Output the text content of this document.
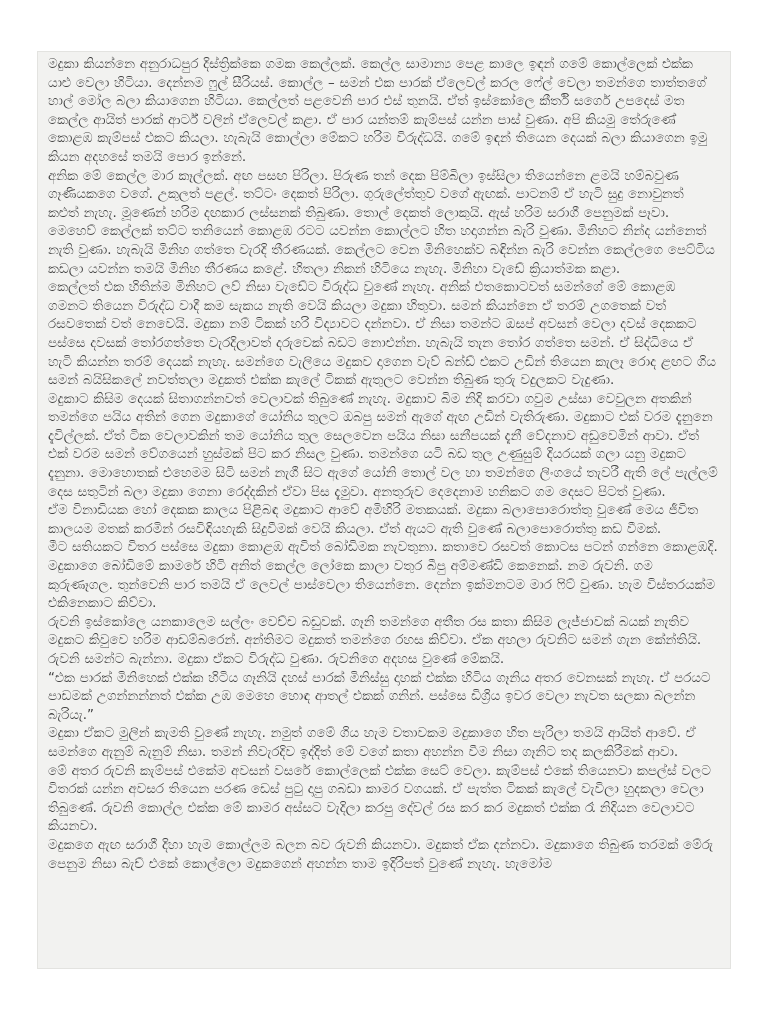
මදුකා කියන්නෙ අනුරාධපුර දිස්ත්‍රික්කෙ ගමක කෙල්ලක්. කෙල්ල සාමාන්‍ය පෙළ කාලෙ ඉඳන් ගමේ කොල්ලෙක් එක්ක යාළු වෙලා හිටියා. දෙන්නම ෆුල් සීරියස්. කොල්ල – සමන් එක පාරක් ඒලෙවල් කරල ෆේල් වෙලා තමන්ගෙ තාත්තගේ හාල් මෝල බලා කියාගෙන හිටියා. කෙල්ලත් පළවෙනි පාර එස් තුනයි. ඒත් ඉස්කෝලෙ කීර්ති සර්ගෙ උපදෙස් මත කෙල්ල ආයිත් පාරක් ආර්ට් වලින් ඒලෙවල් කළා. ඒ පාර යන්තම් කැම්පස් යන්න පාස් වුණා. අපි කියමු තේරුණේ කොළඹ කැම්පස් එකට කියලා. හැබැයි කොල්ලා මේකට හරිම විරුද්ධයි. ගමේ ඉඳන් තියෙන දෙයක් බලා කියාගෙන ඉමු කියන අදහසේ තමයි පොර ඉන්නේ.

අනික මේ කෙල්ල මාර කෑල්ලක්. අඟ පසඟ පිරිලා. පිරුණ තන් දෙක පිම්බිලා ඉස්සිලා තියෙන්නෙ ළමයි හම්බවුණ ගෑණියකගෙ වගේ. උකුලත් පළල්. තට්ටං දෙකත් පිරිලා. ගුරුලේත්තුව වගේ ඇඟක්. පාටනම් ඒ හැටි සුදු නොවුනත් කළුත් නැහැ. මූණෙන් හරිම දඟකාර ලස්සනක් තිබුණා. තොල් දෙකත් ලොකුයි. ඇස් හරිම සරාගී පෙනුමක් පෑවා. මෙහෙව් කෙල්ලක් තට්ට තනියෙන් කොළඹ රටට යවන්න කොල්ලට හිත හදාගන්න බැරි වුණා. මිනිහට නින්ද යන්නෙත් නැති වුණා. හැබැයි මිනිහ ගත්තෙ වැරදි තීරණයක්. කෙල්ලට වෙන මිනිහෙක්ව බඳින්න බැරි වෙන්න කෙල්ලගෙ පෙට්ටිය කඩලා යවන්න තමයි මිනිහ තීරණය කළේ. හිතලා නිකන් හිටියෙ නැහැ. මිනිහා වැඩේ ක්‍රියාත්මක කළා.

කෙල්ලත් එක හිතින්ම මිනිහට ලව් නිසා වැඩේට විරුද්ධ වුණේ නැහැ. අනික් එතකොටවත් සමන්ගේ මේ කොළඹ ගමනට තියෙන විරුද්ධ වාදී කම සැකය නැති වෙයි කියලා මදුකා හිතුවා. සමන් කියන්නෙ ඒ තරම් උගතෙක් වත් රසවතෙක් වත් නෙවෙයි. මදුකා නම් ටිකක් හරි විද්‍යාවට දන්නවා. ඒ නිසා තමන්ට ඔසප් අවසන් වෙලා දවස් දෙකකට පස්සෙ දවසක් තෝරගත්තෙ වැරදිලාවත් දරුවෙක් බඩට නොඑන්න. හැබැයි තැන තෝර ගත්තෙ සමන්. ඒ සිද්ධියෙ ඒ හැටි කියන්න තරම් දෙයක් නැහැ. සමන්ගෙ වැලියෙ මදුකව දාගෙන වැව් බන්ඩ් එකට උඩින් තියෙන කැලෑ රොද ළඟට ගිය සමන් බයිසිකලේ නවත්තලා මදුකත් එක්ක කැලේ ටිකක් ඇතුලට වෙන්න තිබුණ තුරු වදුලකට වැදුණා.

මදුකාට කිසිම දෙයක් සිතාගන්නවත් වෙලාවක් තිබුණේ නැහැ. මදුකාව බිම නිදි කරවා ගවුම උස්සා වෙවුලන අතකින් තමන්ගෙ පයිය අතින් ගෙන මදුකාගේ යෝනිය තුලට ඔබපු සමන් ඇගේ ඇඟ උඩින් වැතිරුණා. මදුකාට එක් වරම දැනුනෙ දැවිල්ලක්. ඒත් ටික වෙලාවකින් තම යෝනිය තුල සෙලවෙන පයිය නිසා සනීපයක් දැනී වේදනාව අඩුවෙමින් ආවා. ඒත් එක් වරම සමන් වේගයෙන් හුස්මක් පිට කර නිසල වුණා. තමන්ගෙ යටි බඩ තුල උණුසුම් දියරයක් ගලා යනු මදුකට දැනුනා. මොහොතක් එහෙමම සිටි සමන් නැගී සිට ඇගේ යෝනි තොල් වල හා තමන්ගෙ ලිංගයේ තැවරී ඇති ලේ පැල්ලම් දෙස සතුටින් බලා මදුකා ගෙනා රෙද්දකින් ඒවා පිස දැමුවා. අනතුරුව දෙදෙනාම හනිකට ගම දෙසට පිටත් වුණා.

ඒම විනාඩියක හෝ දෙකක කාලය පිළිබඳ මදුකාට ආවේ අමිහිරි මතකයක්. මදුකා බලාපොරොත්තු වුණේ මෙය ජීවිත කාලයම මතක් කරමින් රසවිඳියහැකි සිදුවීමක් වෙයි කියලා. ඒත් ඇයට ඇති වුණේ බලාපොරොත්තු කඩ වීමක්.

මීට සතියකට විතර පස්සෙ මදුකා කොළඹ ඇවිත් බෝඩිමක නැවතුනා. කතාවෙ රසවත් කොටස පටන් ගන්නෙ කොළඹදි. මදුකාගෙ බෝඩිමේ කාමරේ හිටි අනිත් කෙල්ල ලෝකෙ කාලා වතුර බීපු අම්මණ්ඩි කෙනෙක්. නම රුවනි. ගම කුරුණෑගල. තුන්වෙනි පාර තමයි ඒ ලෙවල් පාස්වෙලා තියෙන්නෙ. දෙන්න ඉක්මනටම මාර ෆිට් වුණා. හැම විස්තරයක්ම එකිනෙකාට කිව්වා.

රුවනි ඉස්කෝලෙ යනකාලෙම සල්ලං වෙච්ච බඩුවක්. ගෑනි තමන්ගෙ අතීත රස කතා කිසිම ලැජ්ජාවක් බයක් නැතිව මදුකට කිවුවෙ හරිම ආඩම්බරෙන්. අන්තිමට මදුකත් තමන්ගෙ රහස කිව්වා. ඒක අහලා රුවනිට සමන් ගැන කේන්තියි. රුවනි සමන්ට බැන්නා. මදුකා ඒකට විරුද්ධ වුණා. රුවනිගෙ අදහස වුණේ මේකයි.

“එක පාරක් මිනිහෙක් එක්ක හිටිය ගෑනියි දහස් පාරක් මිනිස්සු දාහක් එක්ක හිටිය ගෑනිය අතර වෙනසක් නැහැ. ඒ පරයට පාඩමක් උගන්නන්නත් එක්ක උඹ මෙහෙ හොඳ ආතල් එකක් ගනින්. පස්සෙ ඩිග්‍රිය ඉවර වෙලා නැවත සලකා බලන්න බැරියැ.”

මදුකා ඒකට මුලින් කැමති වුණේ නැහැ. නමුත් ගමේ ගිය හැම වතාවකම මදුකාගෙ හිත පැරිලා තමයි ආයිත් ආවේ. ඒ සමන්ගෙ ඇනුම් බැනුම් නිසා. තමන් නිවැරදිව ඉද්දිත් මේ වගේ කතා අහන්න වීම නිසා ගෑනිට තද කලකිරීමක් ආවා.

මේ අතර රුවනි කැම්පස් එකේම අවසන් වසරේ කොල්ලෙක් එක්ක සෙට් වෙලා. කැම්පස් එකේ තියෙනවා කපල්ස් වලට විතරක් යන්න අවසර තියෙන පරණ ඩෙස් පුටු දාපු ගබඩා කාමර වගයක්. ඒ පැත්ත ටිකක් කැලේ වැවිලා හුදකලා වෙලා තිබුණේ. රුවනි කොල්ල එක්ක මේ කාමර අස්සට වැදිලා කරපු දේවල් රස කර කර මදුකත් එක්ක රෑ නිදියන වෙලාවට කියනවා.

මදුකගෙ ඇඟ සරාගී දිහා හැම කොල්ලම බලන බව රුවනි කියනවා. මදුකත් ඒක දන්නවා. මදුකාගෙ තිබුණ තරමක් මේරු පෙනුම නිසා බැච් එකේ කොල්ලො මදුකගෙන් අහන්න තාම ඉදිරිපත් වුණේ නැහැ. හැමෝම
